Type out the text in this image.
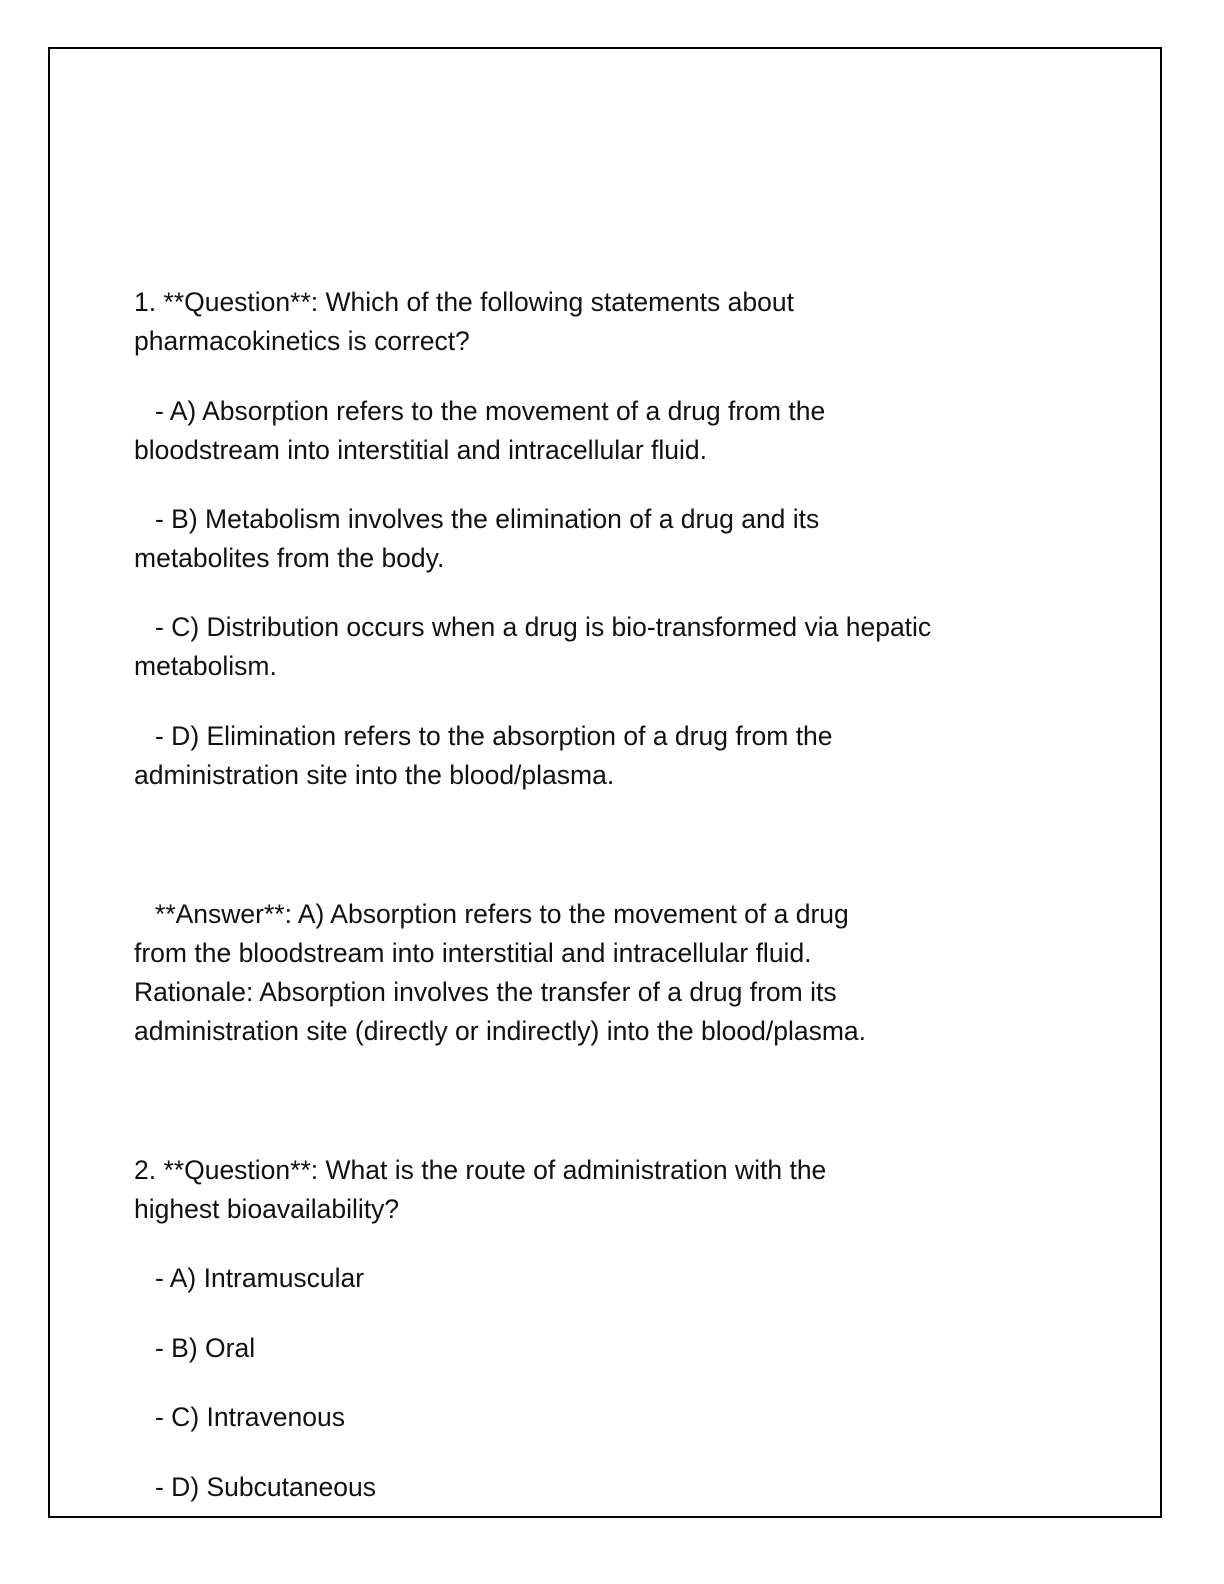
1. **Question**: Which of the following statements about
pharmacokinetics is correct?
- A) Absorption refers to the movement of a drug from the
bloodstream into interstitial and intracellular fluid.
- B) Metabolism involves the elimination of a drug and its
metabolites from the body.
- C) Distribution occurs when a drug is bio-transformed via hepatic
metabolism.
- D) Elimination refers to the absorption of a drug from the
administration site into the blood/plasma.
**Answer**: A) Absorption refers to the movement of a drug
from the bloodstream into interstitial and intracellular fluid.
Rationale: Absorption involves the transfer of a drug from its
administration site (directly or indirectly) into the blood/plasma.
2. **Question**: What is the route of administration with the
highest bioavailability?
- A) Intramuscular
- B) Oral
- C) Intravenous
- D) Subcutaneous
